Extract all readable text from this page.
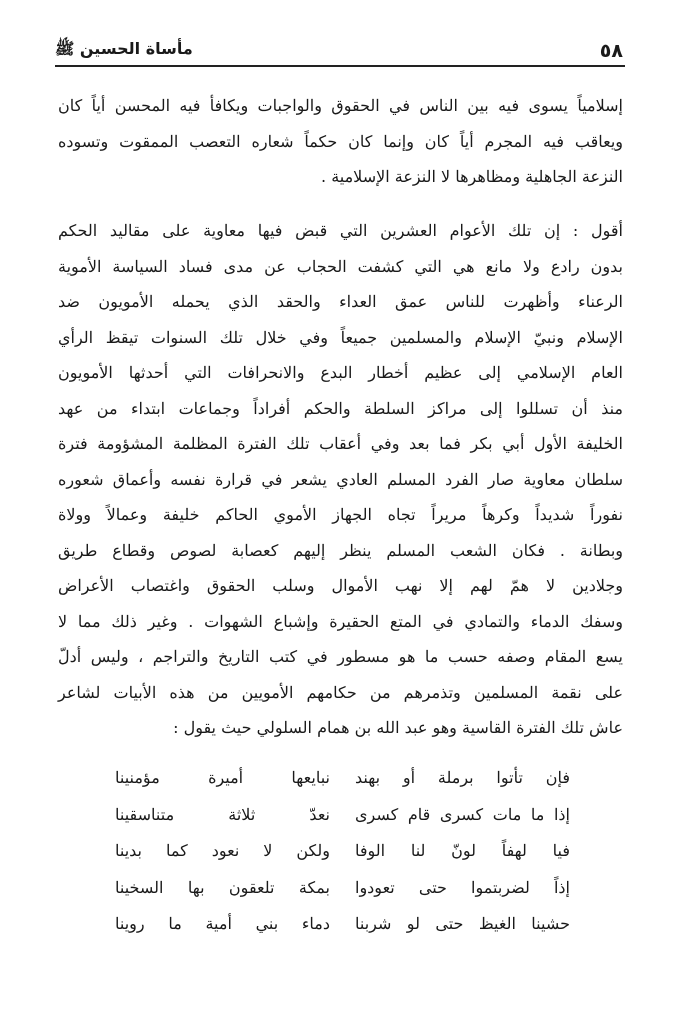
٥٨
مأساة الحسين ﷺ
إسلامياً يسوى فيه بين الناس في الحقوق والواجبات ويكافأ فيه المحسن أياً كان
ويعاقب فيه المجرم أياً كان وإنما كان حكماً شعاره التعصب الممقوت وتسوده
النزعة الجاهلية ومظاهرها لا النزعة الإسلامية .
أقول : إن تلك الأعوام العشرين التي قبض فيها معاوية على مقاليد الحكم
بدون رادع ولا مانع هي التي كشفت الحجاب عن مدى فساد السياسة الأموية
الرعناء وأظهرت للناس عمق العداء والحقد الذي يحمله الأمويون ضد
الإسلام ونبيّ الإسلام والمسلمين جميعاً وفي خلال تلك السنوات تيقظ الرأي
العام الإسلامي إلى عظيم أخطار البدع والانحرافات التي أحدثها الأمويون
منذ أن تسللوا إلى مراكز السلطة والحكم أفراداً وجماعات ابتداء من عهد
الخليفة الأول أبي بكر فما بعد وفي أعقاب تلك الفترة المظلمة المشؤومة فترة
سلطان معاوية صار الفرد المسلم العادي يشعر في قرارة نفسه وأعماق شعوره
نفوراً شديداً وكرهاً مريراً تجاه الجهاز الأموي الحاكم خليفة وعمالاً وولاة
وبطانة . فكان الشعب المسلم ينظر إليهم كعصابة لصوص وقطاع طريق
وجلادين لا همّ لهم إلا نهب الأموال وسلب الحقوق واغتصاب الأعراض
وسفك الدماء والتمادي في المتع الحقيرة وإشباع الشهوات . وغير ذلك مما لا
يسع المقام وصفه حسب ما هو مسطور في كتب التاريخ والتراجم ، وليس أدلّ
على نقمة المسلمين وتذمرهم من حكامهم الأمويين من هذه الأبيات لشاعر
عاش تلك الفترة القاسية وهو عبد الله بن همام السلولي حيث يقول :
فإن تأتوا برملة أو بهند
نبايعها أميرة مؤمنينا
إذا ما مات كسرى قام كسرى
نعدّ ثلاثة متناسقينا
فيا لهفاً لونّ لنا الوفا
ولكن لا نعود كما بدينا
إذاً لضربتموا حتى تعودوا
بمكة تلعقون بها السخينا
حشينا الغيظ حتى لو شربنا
دماء بني أمية ما روينا
